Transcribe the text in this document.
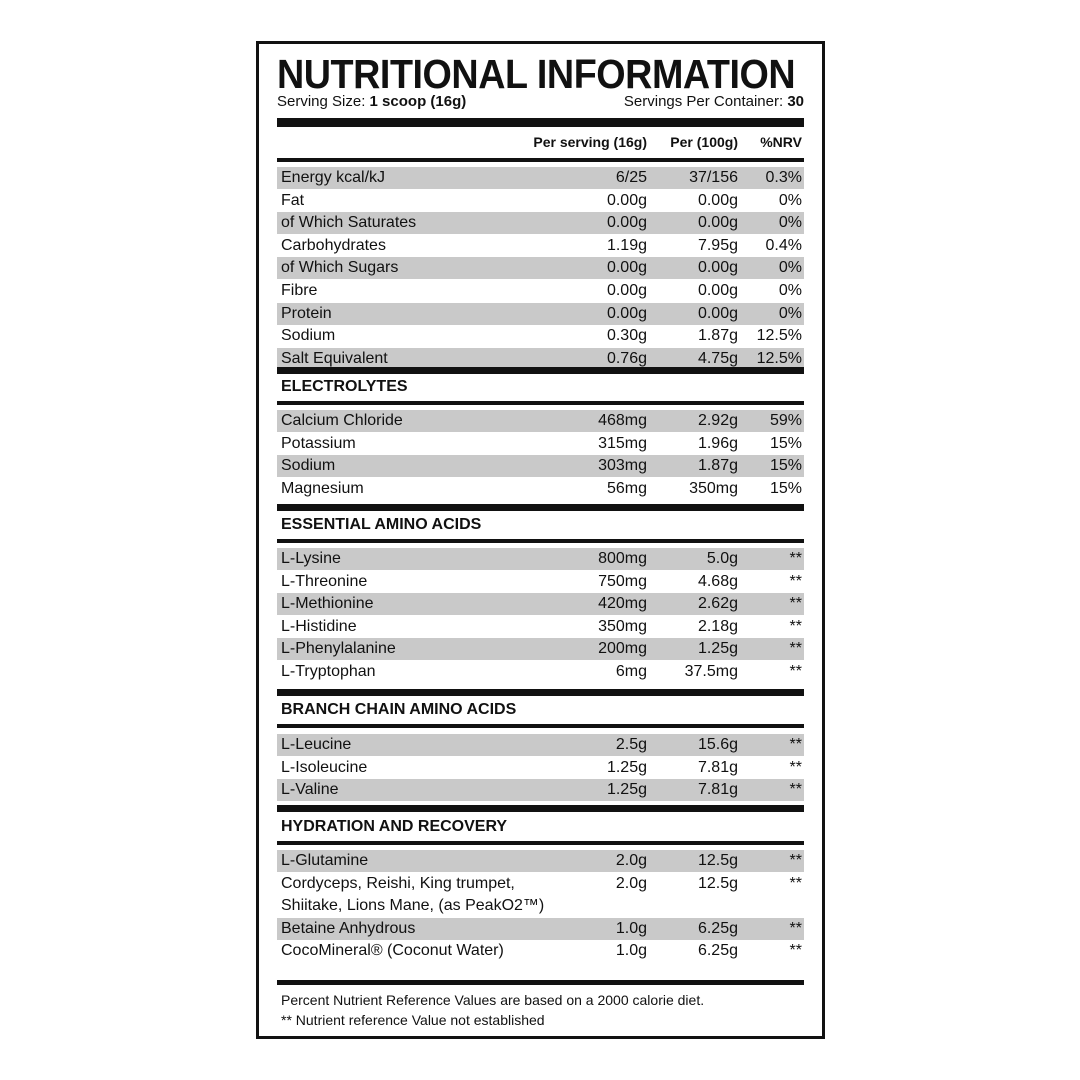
NUTRITIONAL INFORMATION
Serving Size: 1 scoop (16g)	Servings Per Container: 30
Per serving (16g) Per (100g) %NRV
Energy kcal/kJ	6/25	37/156 0.3%
Fat	0.00g	0.00g	0%
of Which Saturates	0.00g	0.00g	0%
Carbohydrates	1.19g	7.95g 0.4%
of Which Sugars	0.00g	0.00g	0%
Fibre	0.00g	0.00g	0%
Protein	0.00g	0.00g	0%
Sodium	0.30g	1.87g 12.5%
Salt Equivalent	0.76g	4.75g 12.5%
ELECTROLYTES
Calcium Chloride	468mg	2.92g 59%
Potassium	315mg	1.96g 15%
Sodium	303mg	1.87g 15%
Magnesium	56mg	350mg 15%
ESSENTIAL AMINO ACIDS
L-Lysine	800mg	5.0g	**
L-Threonine	750mg	4.68g	**
L-Methionine	420mg	2.62g	**
L-Histidine	350mg	2.18g	**
L-Phenylalanine	200mg	1.25g	**
L-Tryptophan	6mg 37.5mg	**
BRANCH CHAIN AMINO ACIDS
L-Leucine	2.5g	15.6g	**
L-Isoleucine	1.25g	7.81g	**
L-Valine	1.25g	7.81g	**
HYDRATION AND RECOVERY
L-Glutamine	2.0g	12.5g	**
Cordyceps, Reishi, King trumpet,
Shiitake, Lions Mane, (as PeakO2™)
2.0g	12.5g	**
Betaine Anhydrous	1.0g	6.25g	**
CocoMineral® (Coconut Water)	1.0g	6.25g	**
Percent Nutrient Reference Values are based on a 2000 calorie diet.
** Nutrient reference Value not established
